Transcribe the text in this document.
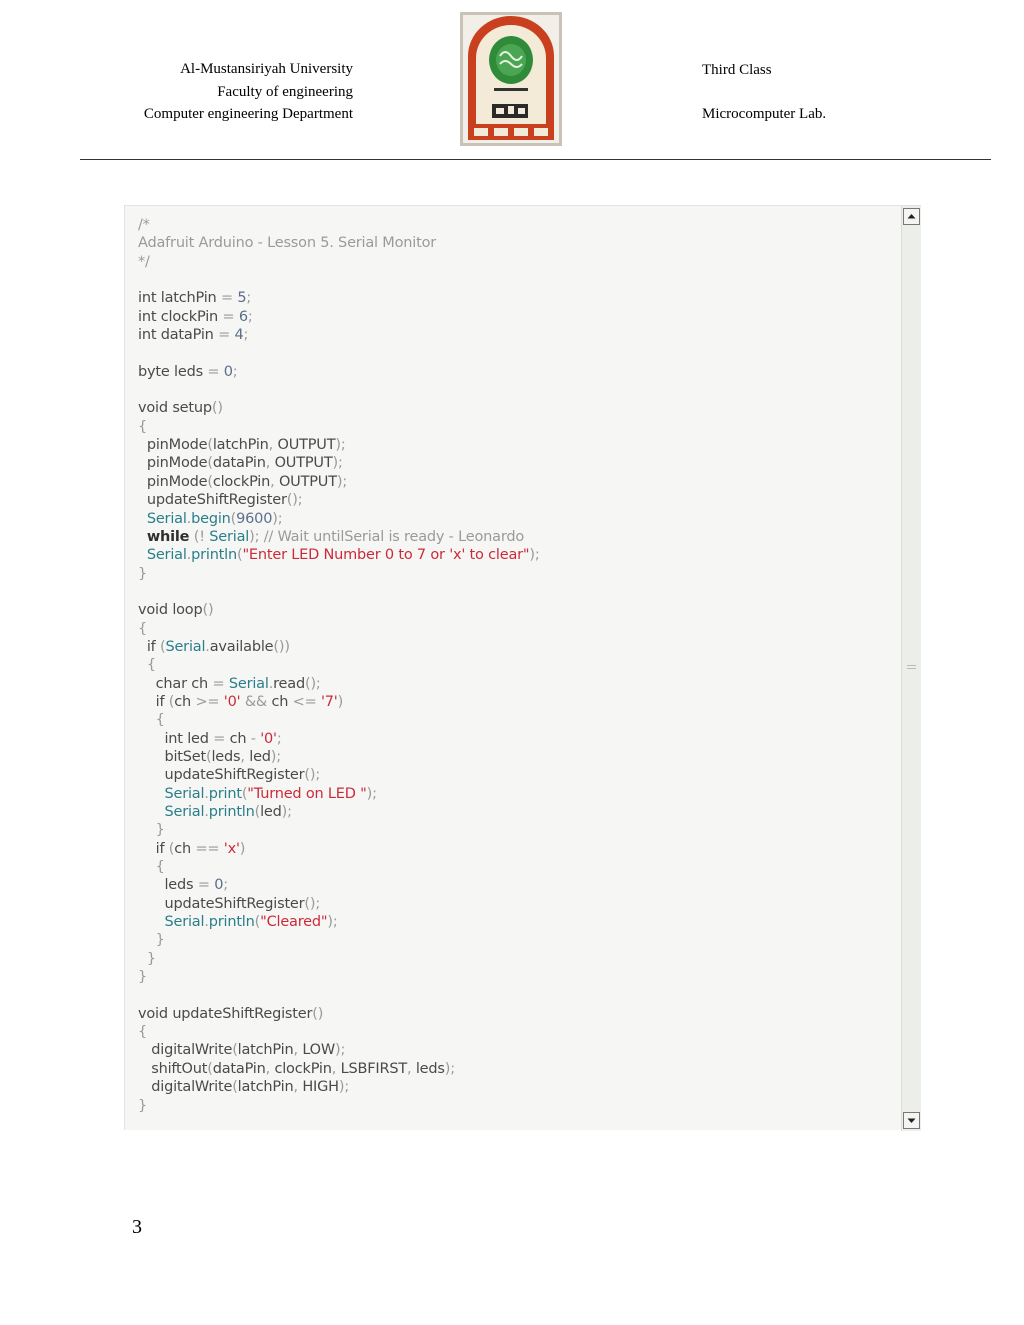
Al-Mustansiriyah University
Faculty of engineering
Computer engineering Department
Third Class
Microcomputer Lab.
/*
Adafruit Arduino - Lesson 5. Serial Monitor
*/
int latchPin = 5;
int clockPin = 6;
int dataPin = 4;
byte leds = 0;
void setup()
{
pinMode(latchPin, OUTPUT);
pinMode(dataPin, OUTPUT);
pinMode(clockPin, OUTPUT);
updateShiftRegister();
Serial.begin(9600);
while (! Serial); // Wait untilSerial is ready - Leonardo
Serial.println("Enter LED Number 0 to 7 or 'x' to clear");
}
void loop()
{
if (Serial.available())
{
char ch = Serial.read();
if (ch >= '0' && ch <= '7')
{
int led = ch - '0';
bitSet(leds, led);
updateShiftRegister();
Serial.print("Turned on LED ");
Serial.println(led);
}
if (ch == 'x')
{
leds = 0;
updateShiftRegister();
Serial.println("Cleared");
}
}
}
void updateShiftRegister()
{
digitalWrite(latchPin, LOW);
shiftOut(dataPin, clockPin, LSBFIRST, leds);
digitalWrite(latchPin, HIGH);
}
3
